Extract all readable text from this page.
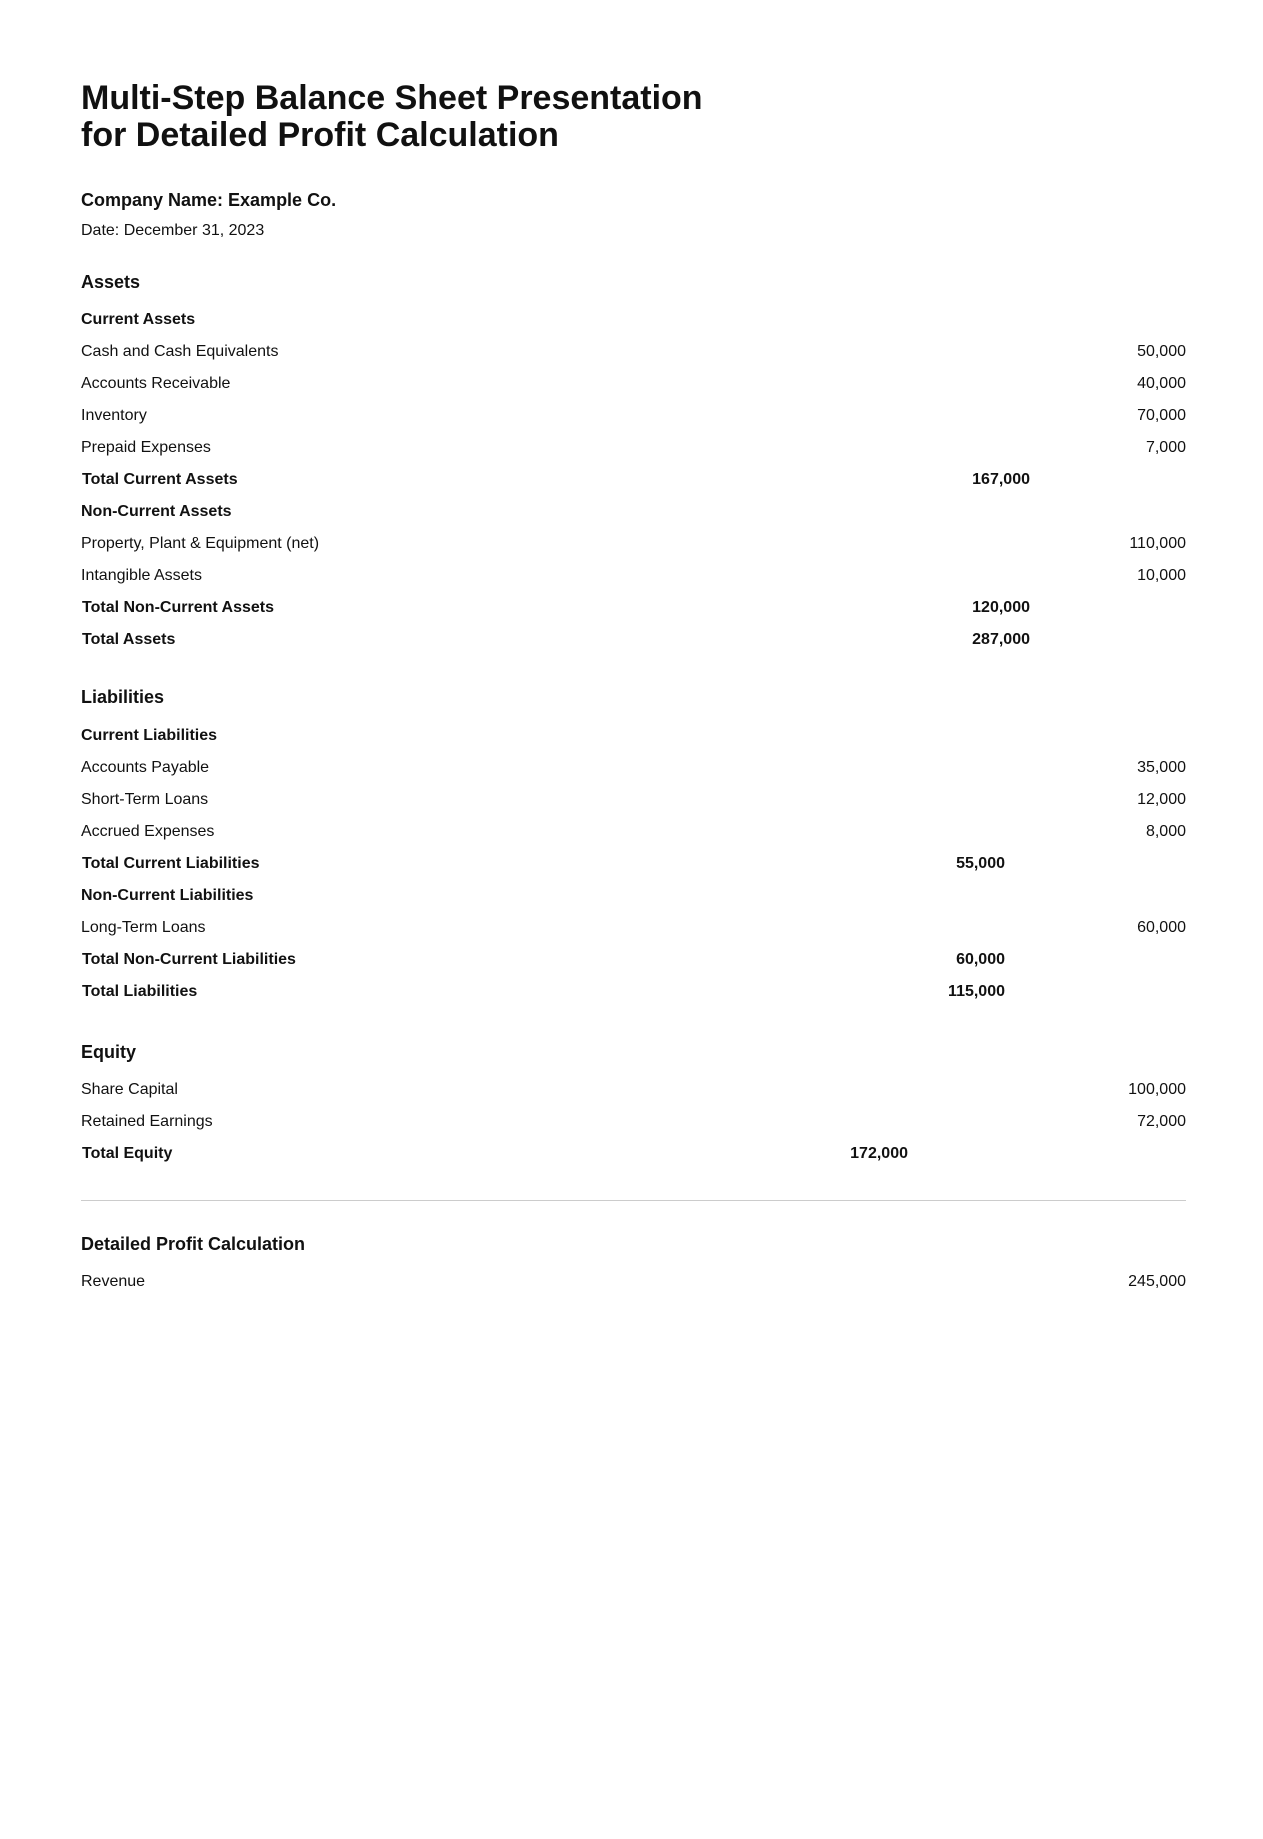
Multi-Step Balance Sheet Presentation
for Detailed Profit Calculation
Company Name: Example Co.
Date: December 31, 2023
Assets
Current Assets
Cash and Cash Equivalents	50,000
Accounts Receivable	40,000
Inventory	70,000
Prepaid Expenses	7,000
Total Current Assets	167,000
Non-Current Assets
Property, Plant & Equipment (net)	110,000
Intangible Assets	10,000
Total Non-Current Assets	120,000
Total Assets	287,000
Liabilities
Current Liabilities
Accounts Payable	35,000
Short-Term Loans	12,000
Accrued Expenses	8,000
Total Current Liabilities	55,000
Non-Current Liabilities
Long-Term Loans	60,000
Total Non-Current Liabilities	60,000
Total Liabilities	115,000
Equity
Share Capital	100,000
Retained Earnings	72,000
Total Equity	172,000
Detailed Profit Calculation
Revenue	245,000
